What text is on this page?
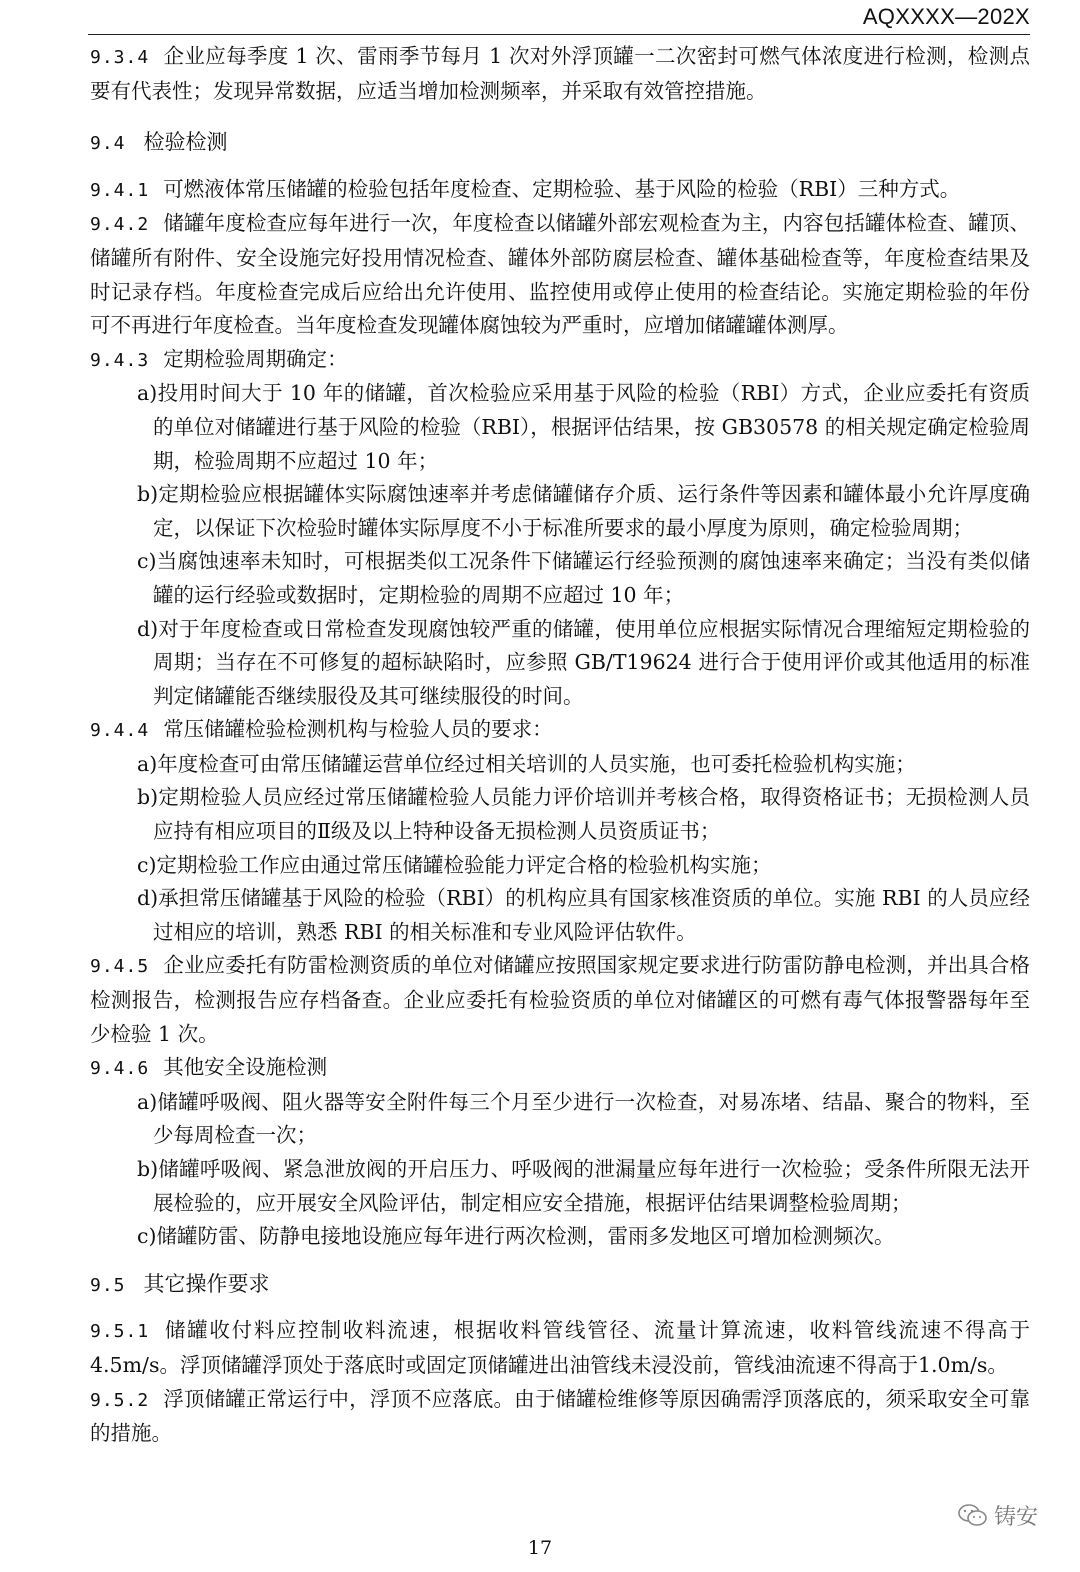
AQXXXX—202X

9.3.4 企业应每季度 1 次、雷雨季节每月 1 次对外浮顶罐一二次密封可燃气体浓度进行检测，检测点要有代表性；发现异常数据，应适当增加检测频率，并采取有效管控措施。

9.4 检验检测

9.4.1 可燃液体常压储罐的检验包括年度检查、定期检验、基于风险的检验（RBI）三种方式。

9.4.2 储罐年度检查应每年进行一次，年度检查以储罐外部宏观检查为主，内容包括罐体检查、罐顶、储罐所有附件、安全设施完好投用情况检查、罐体外部防腐层检查、罐体基础检查等，年度检查结果及时记录存档。年度检查完成后应给出允许使用、监控使用或停止使用的检查结论。实施定期检验的年份可不再进行年度检查。当年度检查发现罐体腐蚀较为严重时，应增加储罐罐体测厚。

9.4.3 定期检验周期确定：

a)投用时间大于 10 年的储罐，首次检验应采用基于风险的检验（RBI）方式，企业应委托有资质的单位对储罐进行基于风险的检验（RBI），根据评估结果，按 GB30578 的相关规定确定检验周期，检验周期不应超过 10 年；

b)定期检验应根据罐体实际腐蚀速率并考虑储罐储存介质、运行条件等因素和罐体最小允许厚度确定，以保证下次检验时罐体实际厚度不小于标准所要求的最小厚度为原则，确定检验周期；

c)当腐蚀速率未知时，可根据类似工况条件下储罐运行经验预测的腐蚀速率来确定；当没有类似储罐的运行经验或数据时，定期检验的周期不应超过 10 年；

d)对于年度检查或日常检查发现腐蚀较严重的储罐，使用单位应根据实际情况合理缩短定期检验的周期；当存在不可修复的超标缺陷时，应参照 GB/T19624 进行合于使用评价或其他适用的标准判定储罐能否继续服役及其可继续服役的时间。

9.4.4 常压储罐检验检测机构与检验人员的要求：

a)年度检查可由常压储罐运营单位经过相关培训的人员实施，也可委托检验机构实施；

b)定期检验人员应经过常压储罐检验人员能力评价培训并考核合格，取得资格证书；无损检测人员应持有相应项目的Ⅱ级及以上特种设备无损检测人员资质证书；

c)定期检验工作应由通过常压储罐检验能力评定合格的检验机构实施；

d)承担常压储罐基于风险的检验（RBI）的机构应具有国家核准资质的单位。实施 RBI 的人员应经过相应的培训，熟悉 RBI 的相关标准和专业风险评估软件。

9.4.5 企业应委托有防雷检测资质的单位对储罐应按照国家规定要求进行防雷防静电检测，并出具合格检测报告，检测报告应存档备查。企业应委托有检验资质的单位对储罐区的可燃有毒气体报警器每年至少检验 1 次。

9.4.6 其他安全设施检测

a)储罐呼吸阀、阻火器等安全附件每三个月至少进行一次检查，对易冻堵、结晶、聚合的物料，至少每周检查一次；

b)储罐呼吸阀、紧急泄放阀的开启压力、呼吸阀的泄漏量应每年进行一次检验；受条件所限无法开展检验的，应开展安全风险评估，制定相应安全措施，根据评估结果调整检验周期；

c)储罐防雷、防静电接地设施应每年进行两次检测，雷雨多发地区可增加检测频次。

9.5 其它操作要求

9.5.1 储罐收付料应控制收料流速，根据收料管线管径、流量计算流速，收料管线流速不得高于4.5m/s。浮顶储罐浮顶处于落底时或固定顶储罐进出油管线未浸没前，管线油流速不得高于1.0m/s。

9.5.2 浮顶储罐正常运行中，浮顶不应落底。由于储罐检维修等原因确需浮顶落底的，须采取安全可靠的措施。

铸安
17
